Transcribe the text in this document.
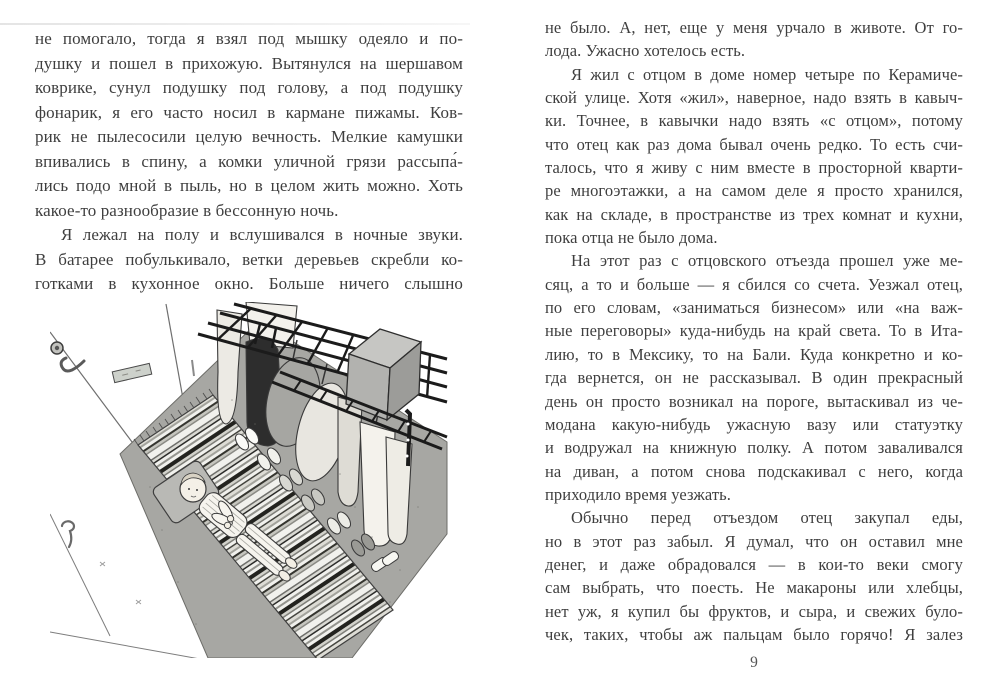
не помогало, тогда я взял под мышку одеяло и по-
душку и пошел в прихожую. Вытянулся на шершавом
коврике, сунул подушку под голову, а под подушку
фонарик, я его часто носил в кармане пижамы. Ков-
рик не пылесосили целую вечность. Мелкие камушки
впивались в спину, а комки уличной грязи рассыпа́-
лись подо мной в пыль, но в целом жить можно. Хоть
какое-то разнообразие в бессонную ночь.
Я лежал на полу и вслушивался в ночные звуки.
В батарее побулькивало, ветки деревьев скребли ко-
готками в кухонное окно. Больше ничего слышно
не было. А, нет, еще у меня урчало в животе. От го-
лода. Ужасно хотелось есть.
Я жил с отцом в доме номер четыре по Керамиче-
ской улице. Хотя «жил», наверное, надо взять в кавыч-
ки. Точнее, в кавычки надо взять «с отцом», потому
что отец как раз дома бывал очень редко. То есть счи-
талось, что я живу с ним вместе в просторной кварти-
ре многоэтажки, а на самом деле я просто хранился,
как на складе, в пространстве из трех комнат и кухни,
пока отца не было дома.
На этот раз с отцовского отъезда прошел уже ме-
сяц, а то и больше — я сбился со счета. Уезжал отец,
по его словам, «заниматься бизнесом» или «на важ-
ные переговоры» куда-нибудь на край света. То в Ита-
лию, то в Мексику, то на Бали. Куда конкретно и ко-
гда вернется, он не рассказывал. В один прекрасный
день он просто возникал на пороге, вытаскивал из че-
модана какую-нибудь ужасную вазу или статуэтку
и водружал на книжную полку. А потом заваливался
на диван, а потом снова подскакивал с него, когда
приходило время уезжать.
Обычно перед отъездом отец закупал еды,
но в этот раз забыл. Я думал, что он оставил мне
денег, и даже обрадовался — в кои-то веки смогу
сам выбрать, что поесть. Не макароны или хлебцы,
нет уж, я купил бы фруктов, и сыра, и свежих було-
чек, таких, чтобы аж пальцам было горячо! Я залез
9
